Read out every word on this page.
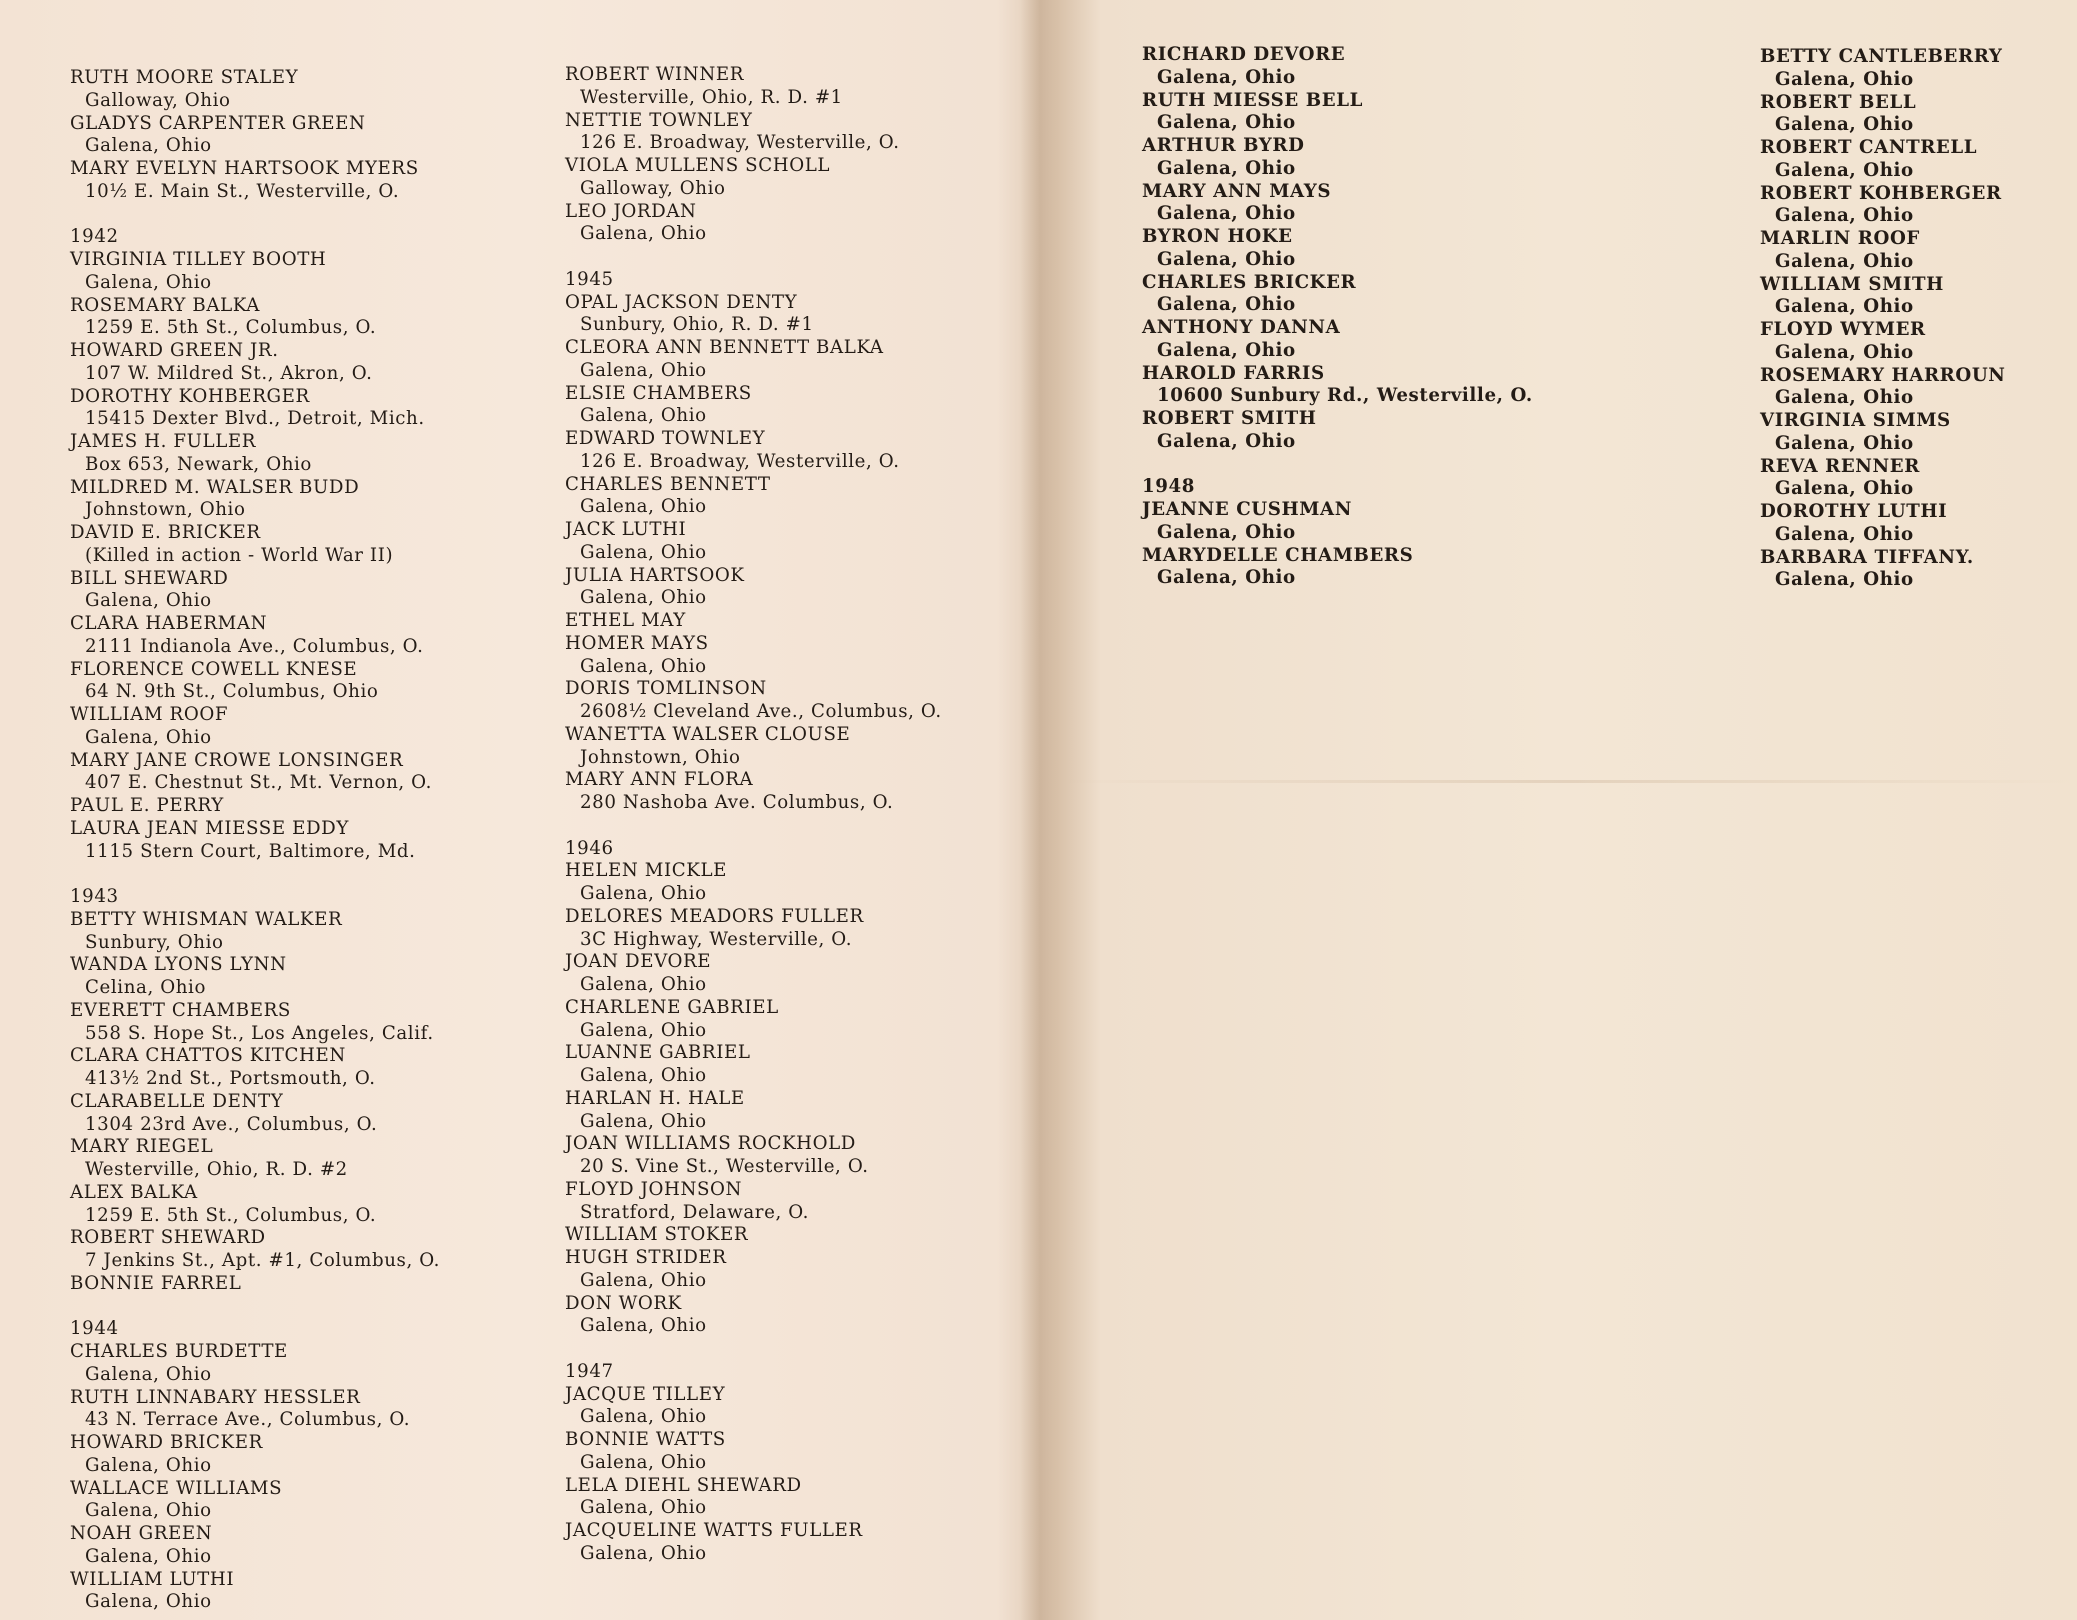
RUTH MOORE STALEY
Galloway, Ohio
GLADYS CARPENTER GREEN
Galena, Ohio
MARY EVELYN HARTSOOK MYERS
10½ E. Main St., Westerville, O.
1942
VIRGINIA TILLEY BOOTH
Galena, Ohio
ROSEMARY BALKA
1259 E. 5th St., Columbus, O.
HOWARD GREEN JR.
107 W. Mildred St., Akron, O.
DOROTHY KOHBERGER
15415 Dexter Blvd., Detroit, Mich.
JAMES H. FULLER
Box 653, Newark, Ohio
MILDRED M. WALSER BUDD
Johnstown, Ohio
DAVID E. BRICKER
(Killed in action - World War II)
BILL SHEWARD
Galena, Ohio
CLARA HABERMAN
2111 Indianola Ave., Columbus, O.
FLORENCE COWELL KNESE
64 N. 9th St., Columbus, Ohio
WILLIAM ROOF
Galena, Ohio
MARY JANE CROWE LONSINGER
407 E. Chestnut St., Mt. Vernon, O.
PAUL E. PERRY
LAURA JEAN MIESSE EDDY
1115 Stern Court, Baltimore, Md.
1943
BETTY WHISMAN WALKER
Sunbury, Ohio
WANDA LYONS LYNN
Celina, Ohio
EVERETT CHAMBERS
558 S. Hope St., Los Angeles, Calif.
CLARA CHATTOS KITCHEN
413½ 2nd St., Portsmouth, O.
CLARABELLE DENTY
1304 23rd Ave., Columbus, O.
MARY RIEGEL
Westerville, Ohio, R. D. #2
ALEX BALKA
1259 E. 5th St., Columbus, O.
ROBERT SHEWARD
7 Jenkins St., Apt. #1, Columbus, O.
BONNIE FARREL
1944
CHARLES BURDETTE
Galena, Ohio
RUTH LINNABARY HESSLER
43 N. Terrace Ave., Columbus, O.
HOWARD BRICKER
Galena, Ohio
WALLACE WILLIAMS
Galena, Ohio
NOAH GREEN
Galena, Ohio
WILLIAM LUTHI
Galena, Ohio
ROBERT WINNER
Westerville, Ohio, R. D. #1
NETTIE TOWNLEY
126 E. Broadway, Westerville, O.
VIOLA MULLENS SCHOLL
Galloway, Ohio
LEO JORDAN
Galena, Ohio
1945
OPAL JACKSON DENTY
Sunbury, Ohio, R. D. #1
CLEORA ANN BENNETT BALKA
Galena, Ohio
ELSIE CHAMBERS
Galena, Ohio
EDWARD TOWNLEY
126 E. Broadway, Westerville, O.
CHARLES BENNETT
Galena, Ohio
JACK LUTHI
Galena, Ohio
JULIA HARTSOOK
Galena, Ohio
ETHEL MAY
HOMER MAYS
Galena, Ohio
DORIS TOMLINSON
2608½ Cleveland Ave., Columbus, O.
WANETTA WALSER CLOUSE
Johnstown, Ohio
MARY ANN FLORA
280 Nashoba Ave. Columbus, O.
1946
HELEN MICKLE
Galena, Ohio
DELORES MEADORS FULLER
3C Highway, Westerville, O.
JOAN DEVORE
Galena, Ohio
CHARLENE GABRIEL
Galena, Ohio
LUANNE GABRIEL
Galena, Ohio
HARLAN H. HALE
Galena, Ohio
JOAN WILLIAMS ROCKHOLD
20 S. Vine St., Westerville, O.
FLOYD JOHNSON
Stratford, Delaware, O.
WILLIAM STOKER
HUGH STRIDER
Galena, Ohio
DON WORK
Galena, Ohio
1947
JACQUE TILLEY
Galena, Ohio
BONNIE WATTS
Galena, Ohio
LELA DIEHL SHEWARD
Galena, Ohio
JACQUELINE WATTS FULLER
Galena, Ohio
RICHARD DEVORE
Galena, Ohio
RUTH MIESSE BELL
Galena, Ohio
ARTHUR BYRD
Galena, Ohio
MARY ANN MAYS
Galena, Ohio
BYRON HOKE
Galena, Ohio
CHARLES BRICKER
Galena, Ohio
ANTHONY DANNA
Galena, Ohio
HAROLD FARRIS
10600 Sunbury Rd., Westerville, O.
ROBERT SMITH
Galena, Ohio
1948
JEANNE CUSHMAN
Galena, Ohio
MARYDELLE CHAMBERS
Galena, Ohio
BETTY CANTLEBERRY
Galena, Ohio
ROBERT BELL
Galena, Ohio
ROBERT CANTRELL
Galena, Ohio
ROBERT KOHBERGER
Galena, Ohio
MARLIN ROOF
Galena, Ohio
WILLIAM SMITH
Galena, Ohio
FLOYD WYMER
Galena, Ohio
ROSEMARY HARROUN
Galena, Ohio
VIRGINIA SIMMS
Galena, Ohio
REVA RENNER
Galena, Ohio
DOROTHY LUTHI
Galena, Ohio
BARBARA TIFFANY.
Galena, Ohio
